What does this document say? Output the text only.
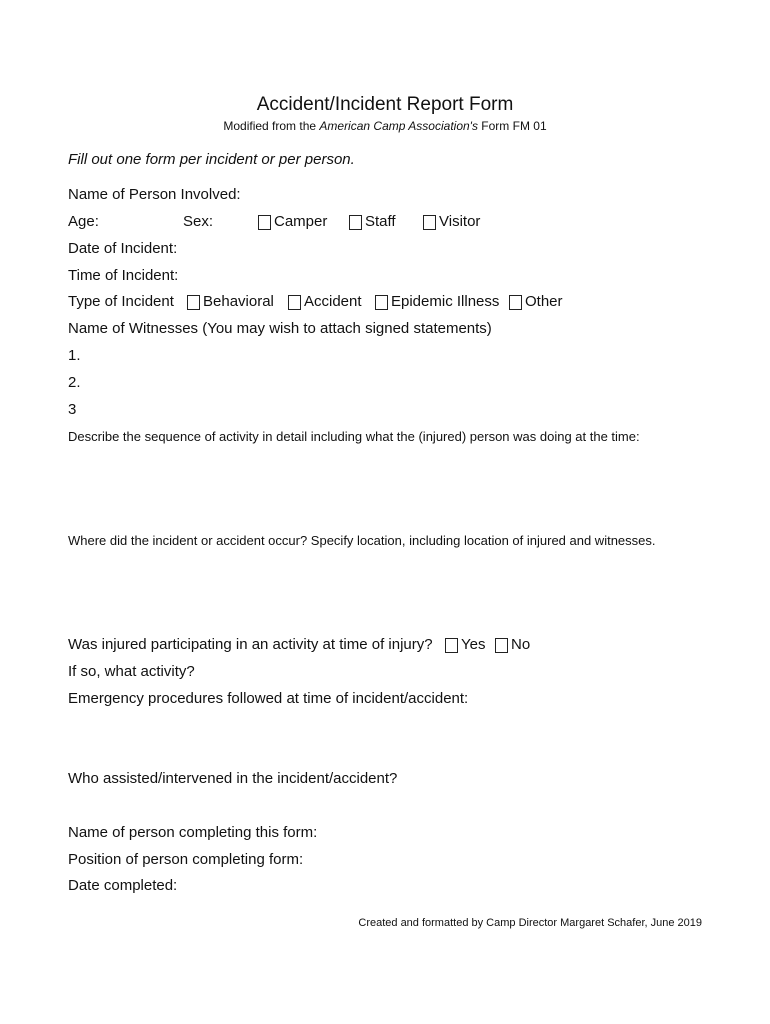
Accident/Incident Report Form
Modified from the American Camp Association's Form FM 01
Fill out one form per incident or per person.
Name of Person Involved:
Age:	Sex:	Camper	Staff	Visitor
Date of Incident:
Time of Incident:
Type of Incident Behavioral Accident Epidemic Illness Other
Name of Witnesses (You may wish to attach signed statements)
1.
2.
3
Describe the sequence of activity in detail including what the (injured) person was doing at the time:
Where did the incident or accident occur? Specify location, including location of injured and witnesses.
Was injured participating in an activity at time of injury? Yes No
If so, what activity?
Emergency procedures followed at time of incident/accident:
Who assisted/intervened in the incident/accident?
Name of person completing this form:
Position of person completing form:
Date completed:
Created and formatted by Camp Director Margaret Schafer, June 2019
